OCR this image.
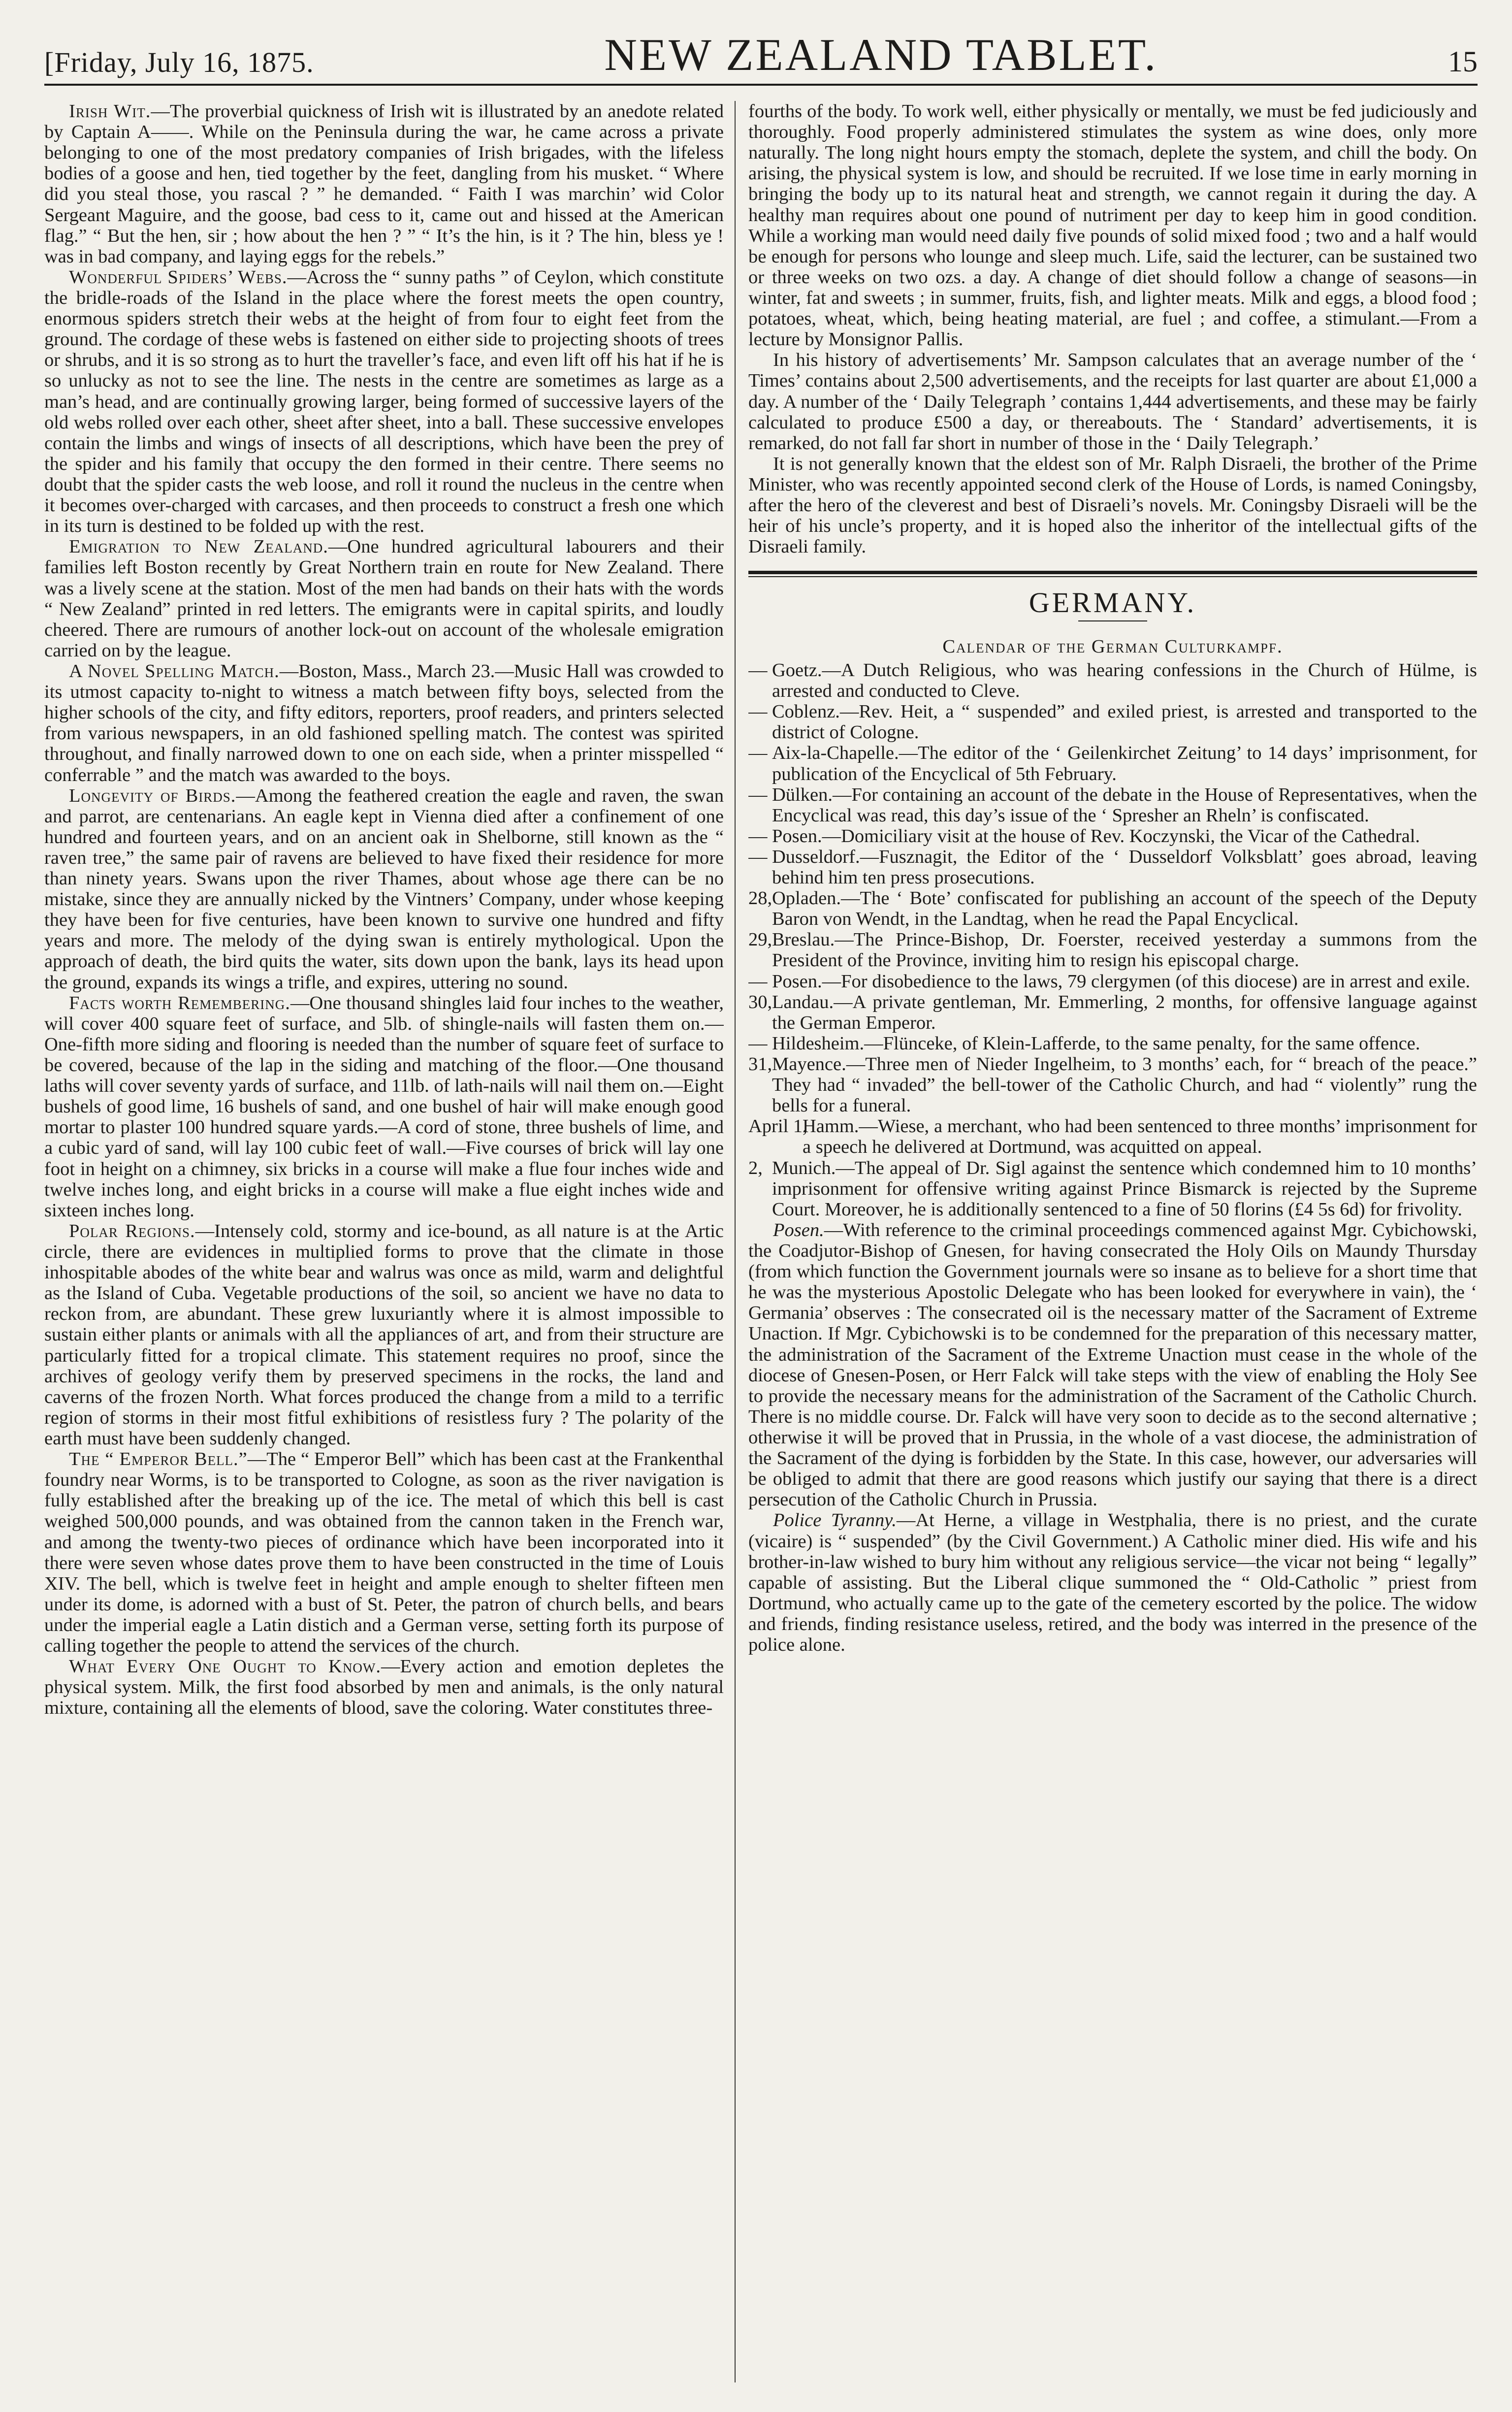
[Friday, July 16, 1875.	NEW ZEALAND TABLET.	15

Irish Wit.—The proverbial quickness of Irish wit is illustrated by an anedote related by Captain A——. While on the Peninsula during the war, he came across a private belonging to one of the most predatory companies of Irish brigades, with the lifeless bodies of a goose and hen, tied together by the feet, dangling from his musket. “ Where did you steal those, you rascal ? ” he demanded. “ Faith I was marchin’ wid Color Sergeant Maguire, and the goose, bad cess to it, came out and hissed at the American flag.” “ But the hen, sir ; how about the hen ? ” “ It’s the hin, is it ? The hin, bless ye ! was in bad company, and laying eggs for the rebels.”

Wonderful Spiders’ Webs.—Across the “ sunny paths ” of Ceylon, which constitute the bridle-roads of the Island in the place where the forest meets the open country, enormous spiders stretch their webs at the height of from four to eight feet from the ground. The cordage of these webs is fastened on either side to projecting shoots of trees or shrubs, and it is so strong as to hurt the traveller’s face, and even lift off his hat if he is so unlucky as not to see the line. The nests in the centre are sometimes as large as a man’s head, and are continually growing larger, being formed of successive layers of the old webs rolled over each other, sheet after sheet, into a ball. These successive envelopes contain the limbs and wings of insects of all descriptions, which have been the prey of the spider and his family that occupy the den formed in their centre. There seems no doubt that the spider casts the web loose, and roll it round the nucleus in the centre when it becomes over-charged with carcases, and then proceeds to construct a fresh one which in its turn is destined to be folded up with the rest.

Emigration to New Zealand.—One hundred agricultural labourers and their families left Boston recently by Great Northern train en route for New Zealand. There was a lively scene at the station. Most of the men had bands on their hats with the words “ New Zealand” printed in red letters. The emigrants were in capital spirits, and loudly cheered. There are rumours of another lock-out on account of the wholesale emigration carried on by the league.

A Novel Spelling Match.—Boston, Mass., March 23.—Music Hall was crowded to its utmost capacity to-night to witness a match between fifty boys, selected from the higher schools of the city, and fifty editors, reporters, proof readers, and printers selected from various newspapers, in an old fashioned spelling match. The contest was spirited throughout, and finally narrowed down to one on each side, when a printer misspelled “ conferrable ” and the match was awarded to the boys.

Longevity of Birds.—Among the feathered creation the eagle and raven, the swan and parrot, are centenarians. An eagle kept in Vienna died after a confinement of one hundred and fourteen years, and on an ancient oak in Shelborne, still known as the “ raven tree,” the same pair of ravens are believed to have fixed their residence for more than ninety years. Swans upon the river Thames, about whose age there can be no mistake, since they are annually nicked by the Vintners’ Company, under whose keeping they have been for five centuries, have been known to survive one hundred and fifty years and more. The melody of the dying swan is entirely mythological. Upon the approach of death, the bird quits the water, sits down upon the bank, lays its head upon the ground, expands its wings a trifle, and expires, uttering no sound.

Facts worth Remembering.—One thousand shingles laid four inches to the weather, will cover 400 square feet of surface, and 5lb. of shingle-nails will fasten them on.—One-fifth more siding and flooring is needed than the number of square feet of surface to be covered, because of the lap in the siding and matching of the floor.—One thousand laths will cover seventy yards of surface, and 11lb. of lath-nails will nail them on.—Eight bushels of good lime, 16 bushels of sand, and one bushel of hair will make enough good mortar to plaster 100 hundred square yards.—A cord of stone, three bushels of lime, and a cubic yard of sand, will lay 100 cubic feet of wall.—Five courses of brick will lay one foot in height on a chimney, six bricks in a course will make a flue four inches wide and twelve inches long, and eight bricks in a course will make a flue eight inches wide and sixteen inches long.

Polar Regions.—Intensely cold, stormy and ice-bound, as all nature is at the Artic circle, there are evidences in multiplied forms to prove that the climate in those inhospitable abodes of the white bear and walrus was once as mild, warm and delightful as the Island of Cuba. Vegetable productions of the soil, so ancient we have no data to reckon from, are abundant. These grew luxuriantly where it is almost impossible to sustain either plants or animals with all the appliances of art, and from their structure are particularly fitted for a tropical climate. This statement requires no proof, since the archives of geology verify them by preserved specimens in the rocks, the land and caverns of the frozen North. What forces produced the change from a mild to a terrific region of storms in their most fitful exhibitions of resistless fury ? The polarity of the earth must have been suddenly changed.

The “ Emperor Bell.”—The “ Emperor Bell” which has been cast at the Frankenthal foundry near Worms, is to be transported to Cologne, as soon as the river navigation is fully established after the breaking up of the ice. The metal of which this bell is cast weighed 500,000 pounds, and was obtained from the cannon taken in the French war, and among the twenty-two pieces of ordinance which have been incorporated into it there were seven whose dates prove them to have been constructed in the time of Louis XIV. The bell, which is twelve feet in height and ample enough to shelter fifteen men under its dome, is adorned with a bust of St. Peter, the patron of church bells, and bears under the imperial eagle a Latin distich and a German verse, setting forth its purpose of calling together the people to attend the services of the church.

What Every One Ought to Know.—Every action and emotion depletes the physical system. Milk, the first food absorbed by men and animals, is the only natural mixture, containing all the elements of blood, save the coloring. Water constitutes three-

fourths of the body. To work well, either physically or mentally, we must be fed judiciously and thoroughly. Food properly administered stimulates the system as wine does, only more naturally. The long night hours empty the stomach, deplete the system, and chill the body. On arising, the physical system is low, and should be recruited. If we lose time in early morning in bringing the body up to its natural heat and strength, we cannot regain it during the day. A healthy man requires about one pound of nutriment per day to keep him in good condition. While a working man would need daily five pounds of solid mixed food ; two and a half would be enough for persons who lounge and sleep much. Life, said the lecturer, can be sustained two or three weeks on two ozs. a day. A change of diet should follow a change of seasons—in winter, fat and sweets ; in summer, fruits, fish, and lighter meats. Milk and eggs, a blood food ; potatoes, wheat, which, being heating material, are fuel ; and coffee, a stimulant.—From a lecture by Monsignor Pallis.

In his history of advertisements’ Mr. Sampson calculates that an average number of the ‘ Times’ contains about 2,500 advertisements, and the receipts for last quarter are about £1,000 a day. A number of the ‘ Daily Telegraph ’ contains 1,444 advertisements, and these may be fairly calculated to produce £500 a day, or thereabouts. The ‘ Standard’ advertisements, it is remarked, do not fall far short in number of those in the ‘ Daily Telegraph.’

It is not generally known that the eldest son of Mr. Ralph Disraeli, the brother of the Prime Minister, who was recently appointed second clerk of the House of Lords, is named Coningsby, after the hero of the cleverest and best of Disraeli’s novels. Mr. Coningsby Disraeli will be the heir of his uncle’s property, and it is hoped also the inheritor of the intellectual gifts of the Disraeli family.

GERMANY.
Calendar of the German Culturkampf.

— Goetz.—A Dutch Religious, who was hearing confessions in the Church of Hülme, is arrested and conducted to Cleve.

— Coblenz.—Rev. Heit, a “ suspended” and exiled priest, is arrested and transported to the district of Cologne.

— Aix-la-Chapelle.—The editor of the ‘ Geilenkirchet Zeitung’ to 14 days’ imprisonment, for publication of the Encyclical of 5th February.

— Dülken.—For containing an account of the debate in the House of Representatives, when the Encyclical was read, this day’s issue of the ‘ Spresher an Rheln’ is confiscated.

— Posen.—Domiciliary visit at the house of Rev. Koczynski, the Vicar of the Cathedral.

— Dusseldorf.—Fusznagit, the Editor of the ‘ Dusseldorf Volksblatt’ goes abroad, leaving behind him ten press prosecutions.

28, Opladen.—The ‘ Bote’ confiscated for publishing an account of the speech of the Deputy Baron von Wendt, in the Landtag, when he read the Papal Encyclical.

29, Breslau.—The Prince-Bishop, Dr. Foerster, received yesterday a summons from the President of the Province, inviting him to resign his episcopal charge.

— Posen.—For disobedience to the laws, 79 clergymen (of this diocese) are in arrest and exile.

30, Landau.—A private gentleman, Mr. Emmerling, 2 months, for offensive language against the German Emperor.

— Hildesheim.—Flünceke, of Klein-Lafferde, to the same penalty, for the same offence.

31, Mayence.—Three men of Nieder Ingelheim, to 3 months’ each, for “ breach of the peace.” They had “ invaded” the bell-tower of the Catholic Church, and had “ violently” rung the bells for a funeral.

April 1,
Hamm.—Wiese, a merchant, who had been sentenced to three months’ imprisonment for a speech he delivered at Dortmund, was acquitted on appeal.

2, Munich.—The appeal of Dr. Sigl against the sentence which condemned him to 10 months’ imprisonment for offensive writing against Prince Bismarck is rejected by the Supreme Court. Moreover, he is additionally sentenced to a fine of 50 florins (£4 5s 6d) for frivolity.

Posen.—With reference to the criminal proceedings commenced against Mgr. Cybichowski, the Coadjutor-Bishop of Gnesen, for having consecrated the Holy Oils on Maundy Thursday (from which function the Government journals were so insane as to believe for a short time that he was the mysterious Apostolic Delegate who has been looked for everywhere in vain), the ‘ Germania’ observes : The consecrated oil is the necessary matter of the Sacrament of Extreme Unaction. If Mgr. Cybichowski is to be condemned for the preparation of this necessary matter, the administration of the Sacrament of the Extreme Unaction must cease in the whole of the diocese of Gnesen-Posen, or Herr Falck will take steps with the view of enabling the Holy See to provide the necessary means for the administration of the Sacrament of the Catholic Church. There is no middle course. Dr. Falck will have very soon to decide as to the second alternative ; otherwise it will be proved that in Prussia, in the whole of a vast diocese, the administration of the Sacrament of the dying is forbidden by the State. In this case, however, our adversaries will be obliged to admit that there are good reasons which justify our saying that there is a direct persecution of the Catholic Church in Prussia.

Police Tyranny.—At Herne, a village in Westphalia, there is no priest, and the curate (vicaire) is “ suspended” (by the Civil Government.) A Catholic miner died. His wife and his brother-in-law wished to bury him without any religious service—the vicar not being “ legally” capable of assisting. But the Liberal clique summoned the “ Old-Catholic ” priest from Dortmund, who actually came up to the gate of the cemetery escorted by the police. The widow and friends, finding resistance useless, retired, and the body was interred in the presence of the police alone.
